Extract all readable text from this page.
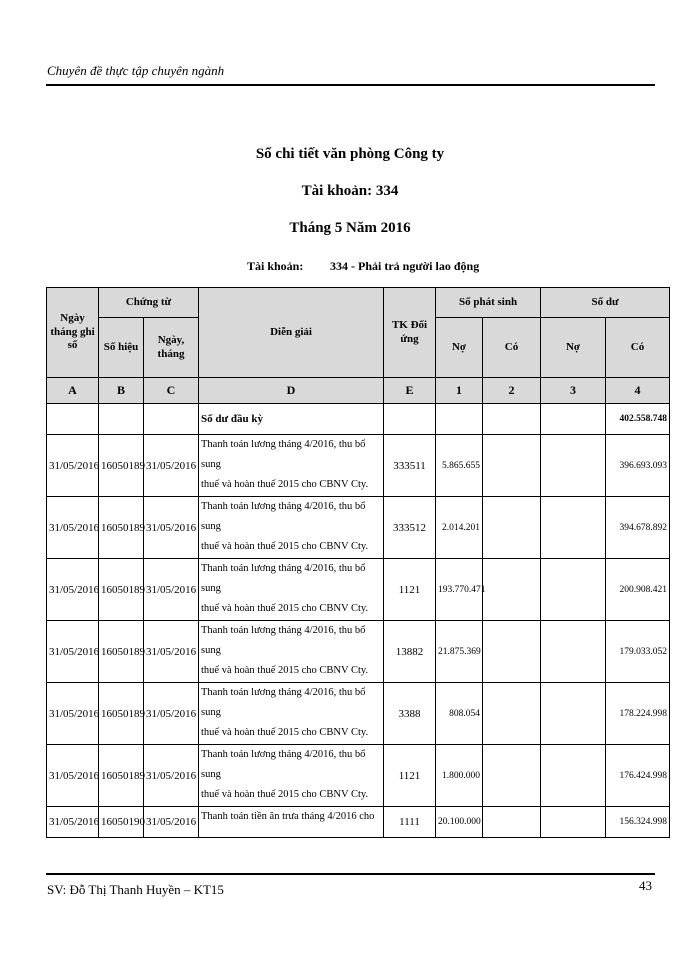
Chuyên đề thực tập chuyên ngành
Sổ chi tiết văn phòng Công ty
Tài khoản: 334
Tháng 5 Năm 2016
Tài khoản: 334 - Phải trả người lao động
Ngày tháng ghi sổ	Chứng từ		Diễn giải	TK Đối ứng	Số phát sinh		Số dư	
	Số hiệu	Ngày, tháng			Nợ	Có	Nợ	Có
A	B	C	D	E	1	2	3	4
			Số dư đầu kỳ					402.558.748
31/05/2016	16050189	31/05/2016	Thanh toán lương tháng 4/2016, thu bổ sung
thuế và hoàn thuế 2015 cho CBNV Cty.	333511	5.865.655			396.693.093
31/05/2016	16050189	31/05/2016	Thanh toán lương tháng 4/2016, thu bổ sung
thuế và hoàn thuế 2015 cho CBNV Cty.	333512	2.014.201			394.678.892
31/05/2016	16050189	31/05/2016	Thanh toán lương tháng 4/2016, thu bổ sung
thuế và hoàn thuế 2015 cho CBNV Cty.	1121	193.770.471			200.908.421
31/05/2016	16050189	31/05/2016	Thanh toán lương tháng 4/2016, thu bổ sung
thuế và hoàn thuế 2015 cho CBNV Cty.	13882	21.875.369			179.033.052
31/05/2016	16050189	31/05/2016	Thanh toán lương tháng 4/2016, thu bổ sung
thuế và hoàn thuế 2015 cho CBNV Cty.	3388	808.054			178.224.998
31/05/2016	16050189	31/05/2016	Thanh toán lương tháng 4/2016, thu bổ sung
thuế và hoàn thuế 2015 cho CBNV Cty.	1121	1.800.000			176.424.998
31/05/2016	16050190	31/05/2016	Thanh toán tiền ăn trưa tháng 4/2016 cho	1111	20.100.000			156.324.998
SV: Đỗ Thị Thanh Huyền – KT15	43
